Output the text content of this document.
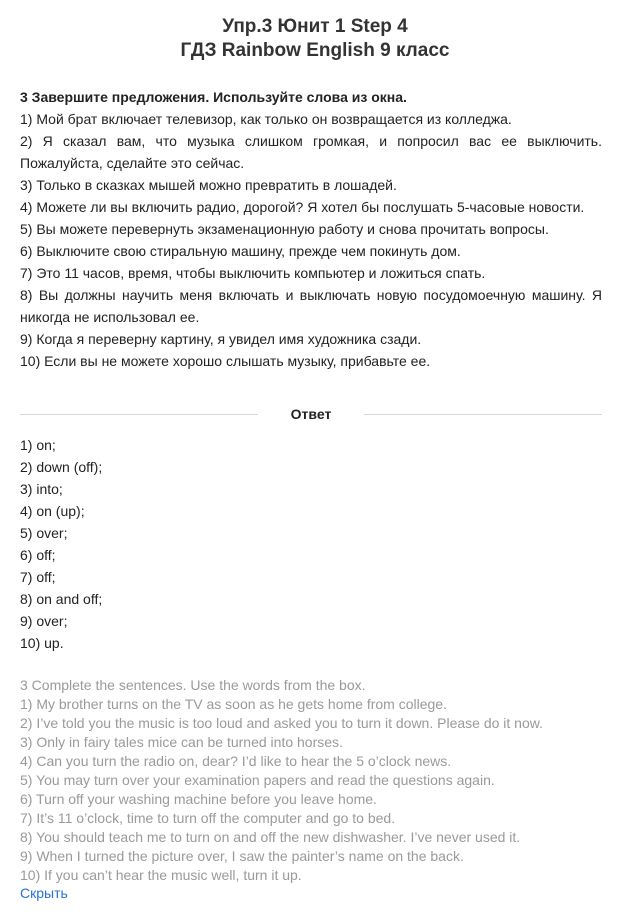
Упр.3 Юнит 1 Step 4
ГДЗ Rainbow English 9 класс

3 Завершите предложения. Используйте слова из окна.

1) Мой брат включает телевизор, как только он возвращается из колледжа.

2) Я сказал вам, что музыка слишком громкая, и попросил вас ее выключить. Пожалуйста, сделайте это сейчас.

3) Только в сказках мышей можно превратить в лошадей.

4) Можете ли вы включить радио, дорогой? Я хотел бы послушать 5-часовые новости.

5) Вы можете перевернуть экзаменационную работу и снова прочитать вопросы.

6) Выключите свою стиральную машину, прежде чем покинуть дом.

7) Это 11 часов, время, чтобы выключить компьютер и ложиться спать.

8) Вы должны научить меня включать и выключать новую посудомоечную машину. Я никогда не использовал ее.

9) Когда я переверну картину, я увидел имя художника сзади.

10) Если вы не можете хорошо слышать музыку, прибавьте ее.

Ответ
1) on;
2) down (off);
3) into;
4) on (up);
5) over;
6) off;
7) off;
8) on and off;
9) over;
10) up.
3 Complete the sentences. Use the words from the box.
1) My brother turns on the TV as soon as he gets home from college.
2) I’ve told you the music is too loud and asked you to turn it down. Please do it now.
3) Only in fairy tales mice can be turned into horses.
4) Can you turn the radio on, dear? I’d like to hear the 5 o’clock news.
5) You may turn over your examination papers and read the questions again.
6) Turn off your washing machine before you leave home.
7) It’s 11 o’clock, time to turn off the computer and go to bed.
8) You should teach me to turn on and off the new dishwasher. I’ve never used it.
9) When I turned the picture over, I saw the painter’s name on the back.
10) If you can’t hear the music well, turn it up.
Скрыть
